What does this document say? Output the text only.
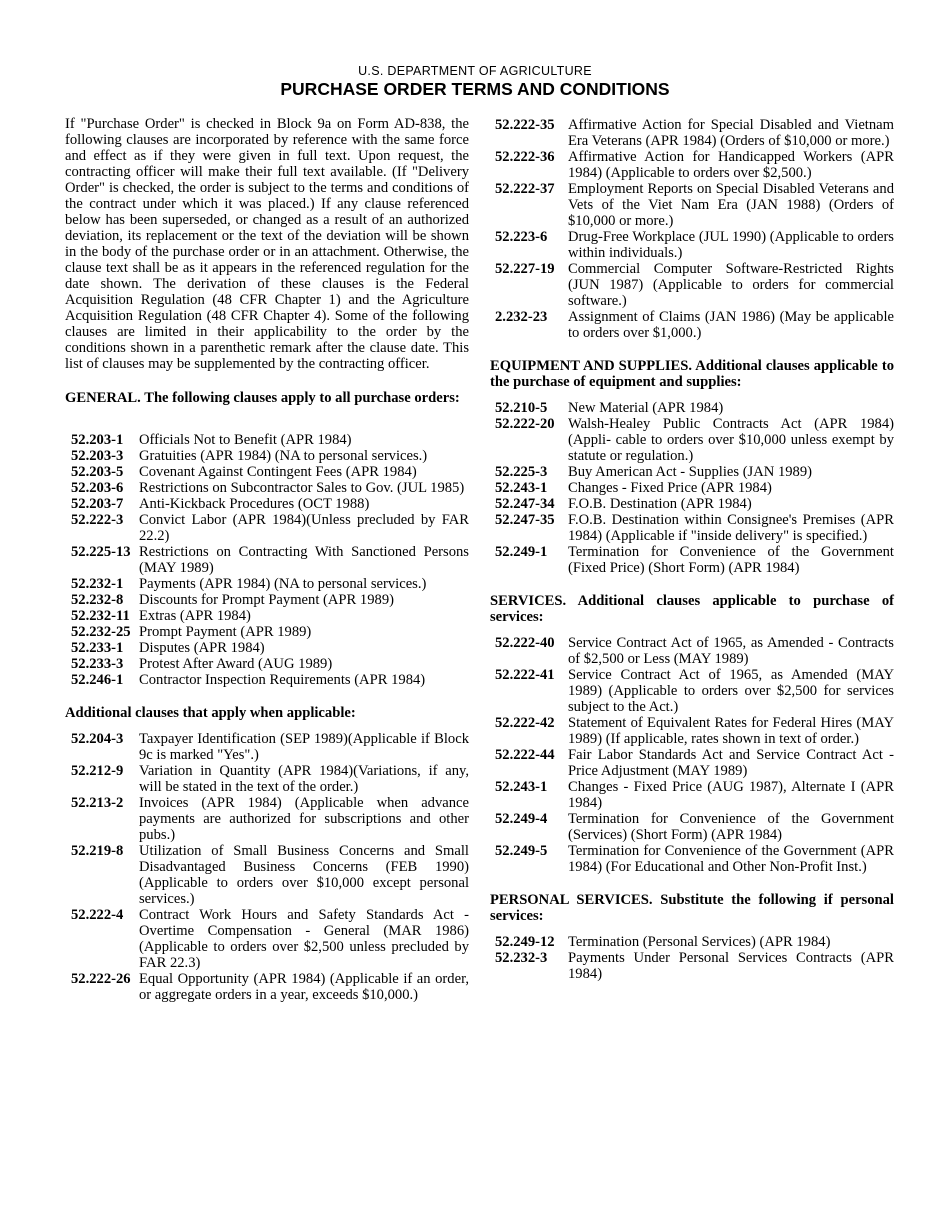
U.S. DEPARTMENT OF AGRICULTURE
PURCHASE ORDER TERMS AND CONDITIONS

If "Purchase Order" is checked in Block 9a on Form AD-838, the following clauses are incorporated by reference with the same force and effect as if they were given in full text. Upon request, the contracting officer will make their full text available. (If "Delivery Order" is checked, the order is subject to the terms and conditions of the contract under which it was placed.) If any clause referenced below has been superseded, or changed as a result of an authorized deviation, its replacement or the text of the deviation will be shown in the body of the purchase order or in an attachment. Otherwise, the clause text shall be as it appears in the referenced regulation for the date shown. The derivation of these clauses is the Federal Acquisition Regulation (48 CFR Chapter 1) and the Agriculture Acquisition Regulation (48 CFR Chapter 4). Some of the following clauses are limited in their applicability to the order by the conditions shown in a parenthetic remark after the clause date. This list of clauses may be supplemented by the contracting officer.

GENERAL. The following clauses apply to all purchase orders:

52.203-1	Officials Not to Benefit (APR 1984)
52.203-3	Gratuities (APR 1984) (NA to personal services.)
52.203-5	Covenant Against Contingent Fees (APR 1984)
52.203-6	Restrictions on Subcontractor Sales to Gov. (JUL 1985)
52.203-7	Anti-Kickback Procedures (OCT 1988)
52.222-3	Convict Labor (APR 1984)(Unless precluded by FAR 22.2)
52.225-13 Restrictions on Contracting With Sanctioned Persons (MAY 1989)
52.232-1	Payments (APR 1984) (NA to personal services.)
52.232-8	Discounts for Prompt Payment (APR 1989)
52.232-11 Extras (APR 1984)
52.232-25 Prompt Payment (APR 1989)
52.233-1	Disputes (APR 1984)
52.233-3	Protest After Award (AUG 1989)
52.246-1	Contractor Inspection Requirements (APR 1984)

Additional clauses that apply when applicable:

52.204-3	Taxpayer Identification (SEP 1989)(Applicable if Block 9c is marked "Yes".)
52.212-9	Variation in Quantity (APR 1984)(Variations, if any, will be stated in the text of the order.)
52.213-2	Invoices (APR 1984) (Applicable when advance payments are authorized for subscriptions and other pubs.)
52.219-8	Utilization of Small Business Concerns and Small Disadvantaged Business Concerns (FEB 1990) (Applicable to orders over $10,000 except personal services.)
52.222-4	Contract Work Hours and Safety Standards Act - Overtime Compensation - General (MAR 1986) (Applicable to orders over $2,500 unless precluded by FAR 22.3)
52.222-26 Equal Opportunity (APR 1984) (Applicable if an order, or aggregate orders in a year, exceeds $10,000.)
52.222-35 Affirmative Action for Special Disabled and Vietnam Era Veterans (APR 1984) (Orders of $10,000 or more.)
52.222-36 Affirmative Action for Handicapped Workers (APR 1984) (Applicable to orders over $2,500.)
52.222-37 Employment Reports on Special Disabled Veterans and Vets of the Viet Nam Era (JAN 1988) (Orders of $10,000 or more.)
52.223-6	Drug-Free Workplace (JUL 1990) (Applicable to orders within individuals.)
52.227-19 Commercial Computer Software-Restricted Rights (JUN 1987) (Applicable to orders for commercial software.)
2.232-23	Assignment of Claims (JAN 1986) (May be applicable to orders over $1,000.)

EQUIPMENT AND SUPPLIES. Additional clauses applicable to the purchase of equipment and supplies:

52.210-5	New Material (APR 1984)
52.222-20 Walsh-Healey Public Contracts Act (APR 1984) (Appli- cable to orders over $10,000 unless exempt by statute or regulation.)
52.225-3	Buy American Act - Supplies (JAN 1989)
52.243-1	Changes - Fixed Price (APR 1984)
52.247-34 F.O.B. Destination (APR 1984)
52.247-35 F.O.B. Destination within Consignee's Premises (APR 1984) (Applicable if "inside delivery" is specified.)
52.249-1	Termination for Convenience of the Government (Fixed Price) (Short Form) (APR 1984)

SERVICES. Additional clauses applicable to purchase of services:

52.222-40 Service Contract Act of 1965, as Amended - Contracts of $2,500 or Less (MAY 1989)
52.222-41 Service Contract Act of 1965, as Amended (MAY 1989) (Applicable to orders over $2,500 for services subject to the Act.)
52.222-42 Statement of Equivalent Rates for Federal Hires (MAY 1989) (If applicable, rates shown in text of order.)
52.222-44 Fair Labor Standards Act and Service Contract Act - Price Adjustment (MAY 1989)
52.243-1	Changes - Fixed Price (AUG 1987), Alternate I (APR 1984)
52.249-4	Termination for Convenience of the Government (Services) (Short Form) (APR 1984)
52.249-5	Termination for Convenience of the Government (APR 1984) (For Educational and Other Non-Profit Inst.)

PERSONAL SERVICES. Substitute the following if personal services:

52.249-12 Termination (Personal Services) (APR 1984)
52.232-3	Payments Under Personal Services Contracts (APR 1984)
